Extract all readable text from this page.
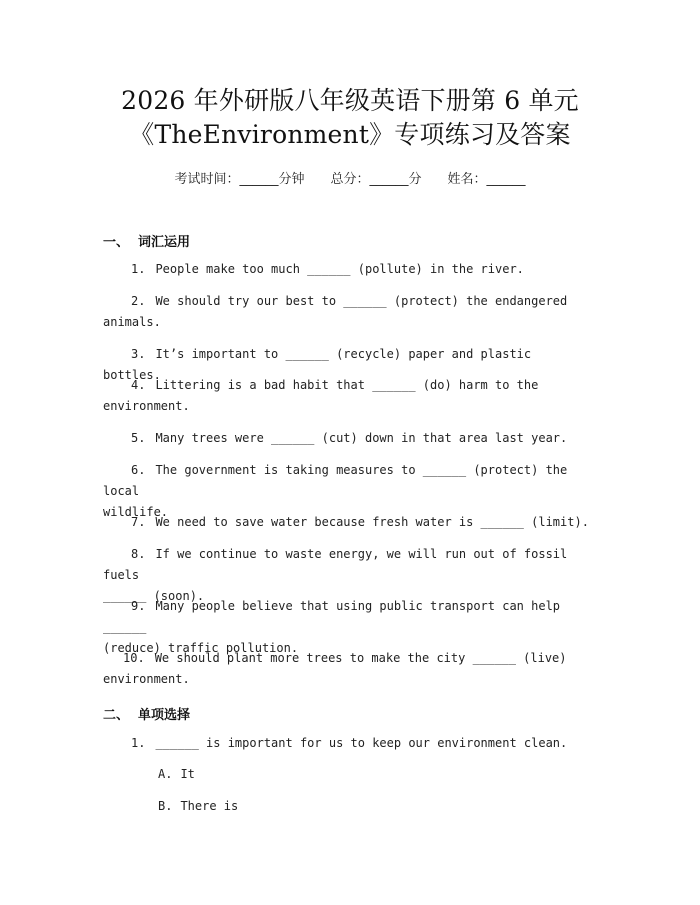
2026 年外研版八年级英语下册第 6 单元
《TheEnvironment》专项练习及答案
考试时间：______分钟 总分：______分 姓名：______
一、 词汇运用
1. People make too much ______ (pollute) in the river.
2. We should try our best to ______ (protect) the endangered
animals.
3. It’s important to ______ (recycle) paper and plastic bottles.
4. Littering is a bad habit that ______ (do) harm to the
environment.
5. Many trees were ______ (cut) down in that area last year.
6. The government is taking measures to ______ (protect) the local
wildlife.
7. We need to save water because fresh water is ______ (limit).
8. If we continue to waste energy, we will run out of fossil fuels
______ (soon).
9. Many people believe that using public transport can help ______
(reduce) traffic pollution.
10. We should plant more trees to make the city ______ (live)
environment.
二、 单项选择
1. ______ is important for us to keep our environment clean.
A. It
B. There is
